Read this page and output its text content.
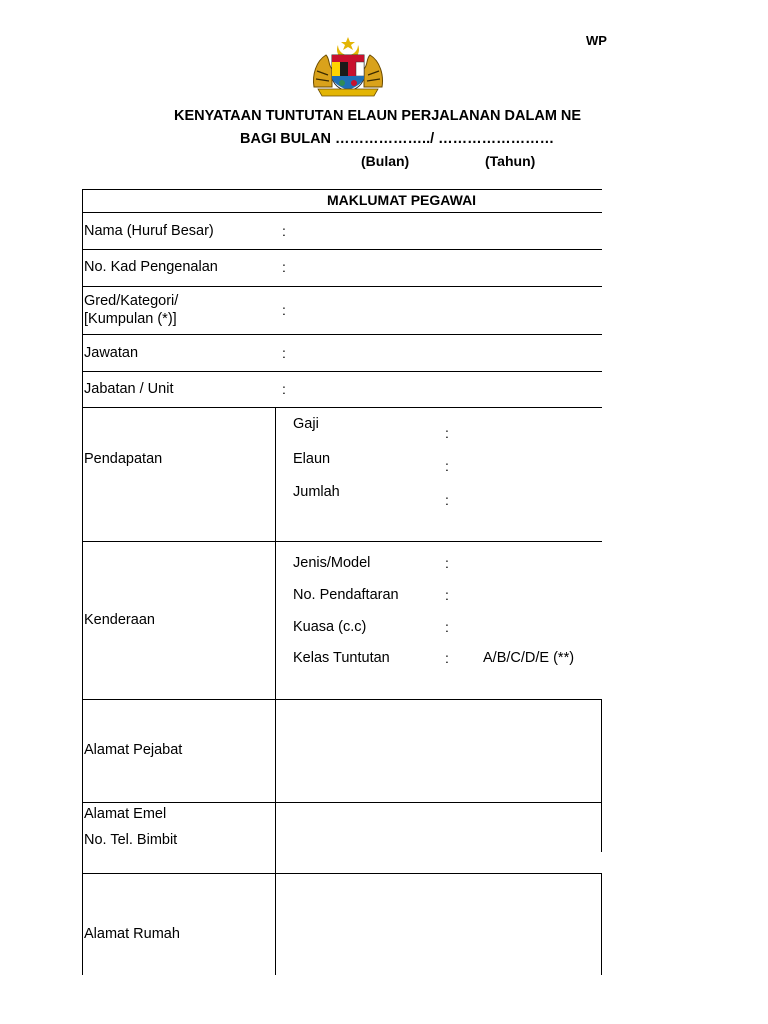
WP
KENYATAAN TUNTUTAN ELAUN PERJALANAN DALAM NE
BAGI BULAN ………………../ ……………………
(Bulan)	(Tahun)
MAKLUMAT PEGAWAI
Nama (Huruf Besar)	:
No. Kad Pengenalan	:
Gred/Kategori/
[Kumpulan (*)]
:
Jawatan	:
Jabatan / Unit	:
Pendapatan
Gaji
:
Elaun	:
Jumlah	:
Kenderaan
Jenis/Model	:
No. Pendaftaran	:
Kuasa (c.c)	:
Kelas Tuntutan	: A/B/C/D/E (**)
Alamat Pejabat
Alamat Emel
No. Tel. Bimbit
Alamat Rumah
